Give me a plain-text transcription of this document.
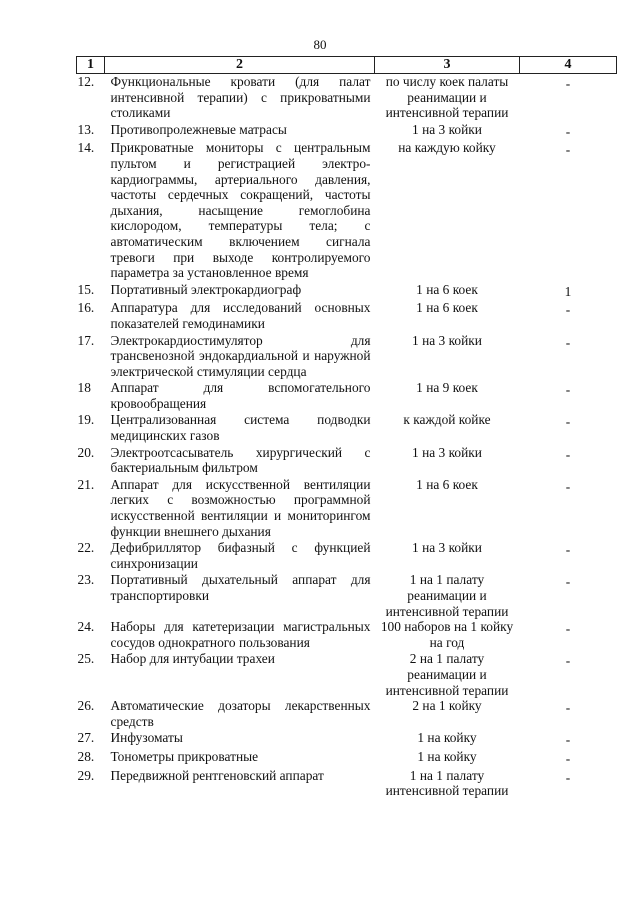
80
1	2	3	4
12.	Функциональные кровати (для палат интенсивной терапии) с прикроватными столиками	по числу коек палаты реанимации и интенсивной терапии	-
13.	Противопролежневые матрасы	1 на 3 койки	-
14.	Прикроватные мониторы с центральным пультом и регистрацией электро-кардиограммы, артериального давления, частоты сердечных сокращений, частоты дыхания, насыщение гемоглобина кислородом, температуры тела; с автоматическим включением сигнала тревоги при выходе контролируемого параметра за установленное время	на каждую койку	-
15.	Портативный электрокардиограф	1 на 6 коек	1
16.	Аппаратура для исследований основных показателей гемодинамики	1 на 6 коек	-
17.	Электрокардиостимулятор для трансвенозной эндокардиальной и наружной электрической стимуляции сердца	1 на 3 койки	-
18	Аппарат для вспомогательного кровообращения	1 на 9 коек	-
19.	Централизованная система подводки медицинских газов	к каждой койке	-
20.	Электроотсасыватель хирургический с бактериальным фильтром	1 на 3 койки	-
21.	Аппарат для искусственной вентиляции легких с возможностью программной искусственной вентиляции и мониторингом функции внешнего дыхания	1 на 6 коек	-
22.	Дефибриллятор бифазный с функцией синхронизации	1 на 3 койки	-
23.	Портативный дыхательный аппарат для транспортировки	1 на 1 палату реанимации и интенсивной терапии	-
24.	Наборы для катетеризации магистральных сосудов однократного пользования	100 наборов на 1 койку на год	-
25.	Набор для интубации трахеи	2 на 1 палату реанимации и интенсивной терапии	-
26.	Автоматические дозаторы лекарственных средств	2 на 1 койку	-
27.	Инфузоматы	1 на койку	-
28.	Тонометры прикроватные	1 на койку	-
29.	Передвижной рентгеновский аппарат	1 на 1 палату интенсивной терапии	-
